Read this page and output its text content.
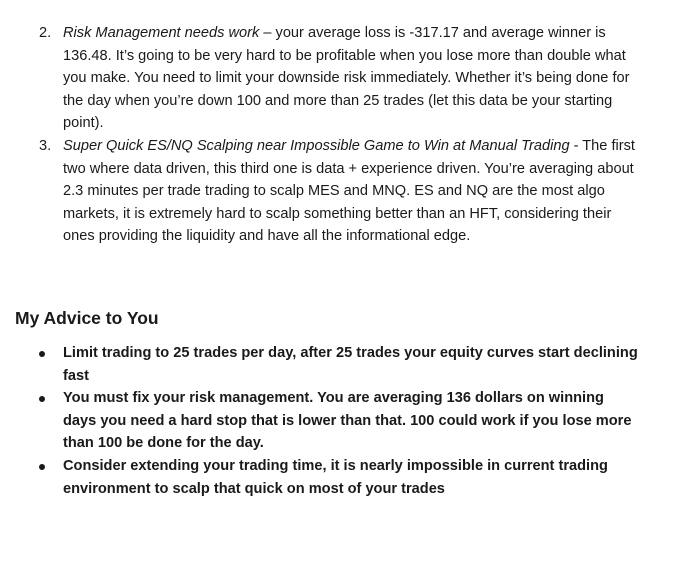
2. Risk Management needs work – your average loss is -317.17 and average winner is 136.48. It’s going to be very hard to be profitable when you lose more than double what you make. You need to limit your downside risk immediately. Whether it’s being done for the day when you’re down 100 and more than 25 trades (let this data be your starting point).
3. Super Quick ES/NQ Scalping near Impossible Game to Win at Manual Trading - The first two where data driven, this third one is data + experience driven. You’re averaging about 2.3 minutes per trade trading to scalp MES and MNQ. ES and NQ are the most algo markets, it is extremely hard to scalp something better than an HFT, considering their ones providing the liquidity and have all the informational edge.
My Advice to You
Limit trading to 25 trades per day, after 25 trades your equity curves start declining fast
You must fix your risk management. You are averaging 136 dollars on winning days you need a hard stop that is lower than that. 100 could work if you lose more than 100 be done for the day.
Consider extending your trading time, it is nearly impossible in current trading environment to scalp that quick on most of your trades
